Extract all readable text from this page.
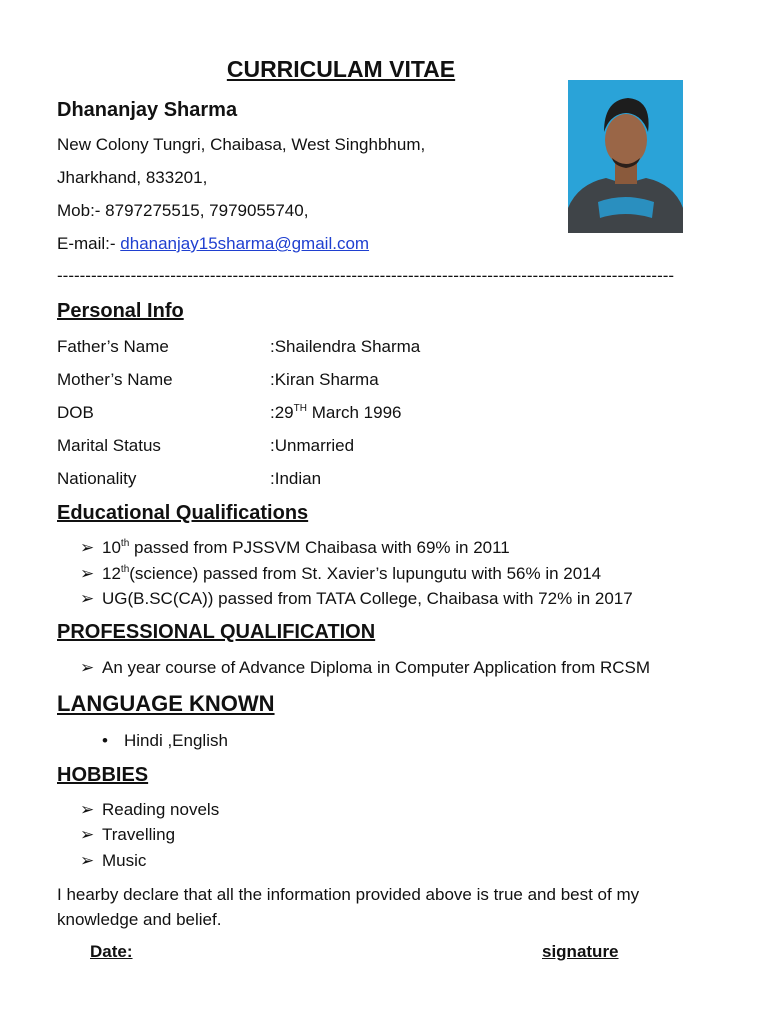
CURRICULAM VITAE
Dhananjay Sharma
New Colony Tungri, Chaibasa, West Singhbhum,
Jharkhand, 833201,
Mob:- 8797275515, 7979055740,
E-mail:- dhananjay15sharma@gmail.com
-------------------------------------------------------------------------------------------------------------
Personal Info
Father’s Name	:Shailendra Sharma
Mother’s Name	:Kiran Sharma
DOB	:29TH March 1996
Marital Status	:Unmarried
Nationality	:Indian
Educational Qualifications
➢ 10th passed from PJSSVM Chaibasa with 69% in 2011
➢ 12th(science) passed from St. Xavier’s lupungutu with 56% in 2014
➢ UG(B.SC(CA)) passed from TATA College, Chaibasa with 72% in 2017
PROFESSIONAL QUALIFICATION
➢ An year course of Advance Diploma in Computer Application from RCSM
LANGUAGE KNOWN
• Hindi ,English
HOBBIES
➢ Reading novels
➢ Travelling
➢ Music
I hearby declare that all the information provided above is true and best of my knowledge and belief.
Date:	signature
